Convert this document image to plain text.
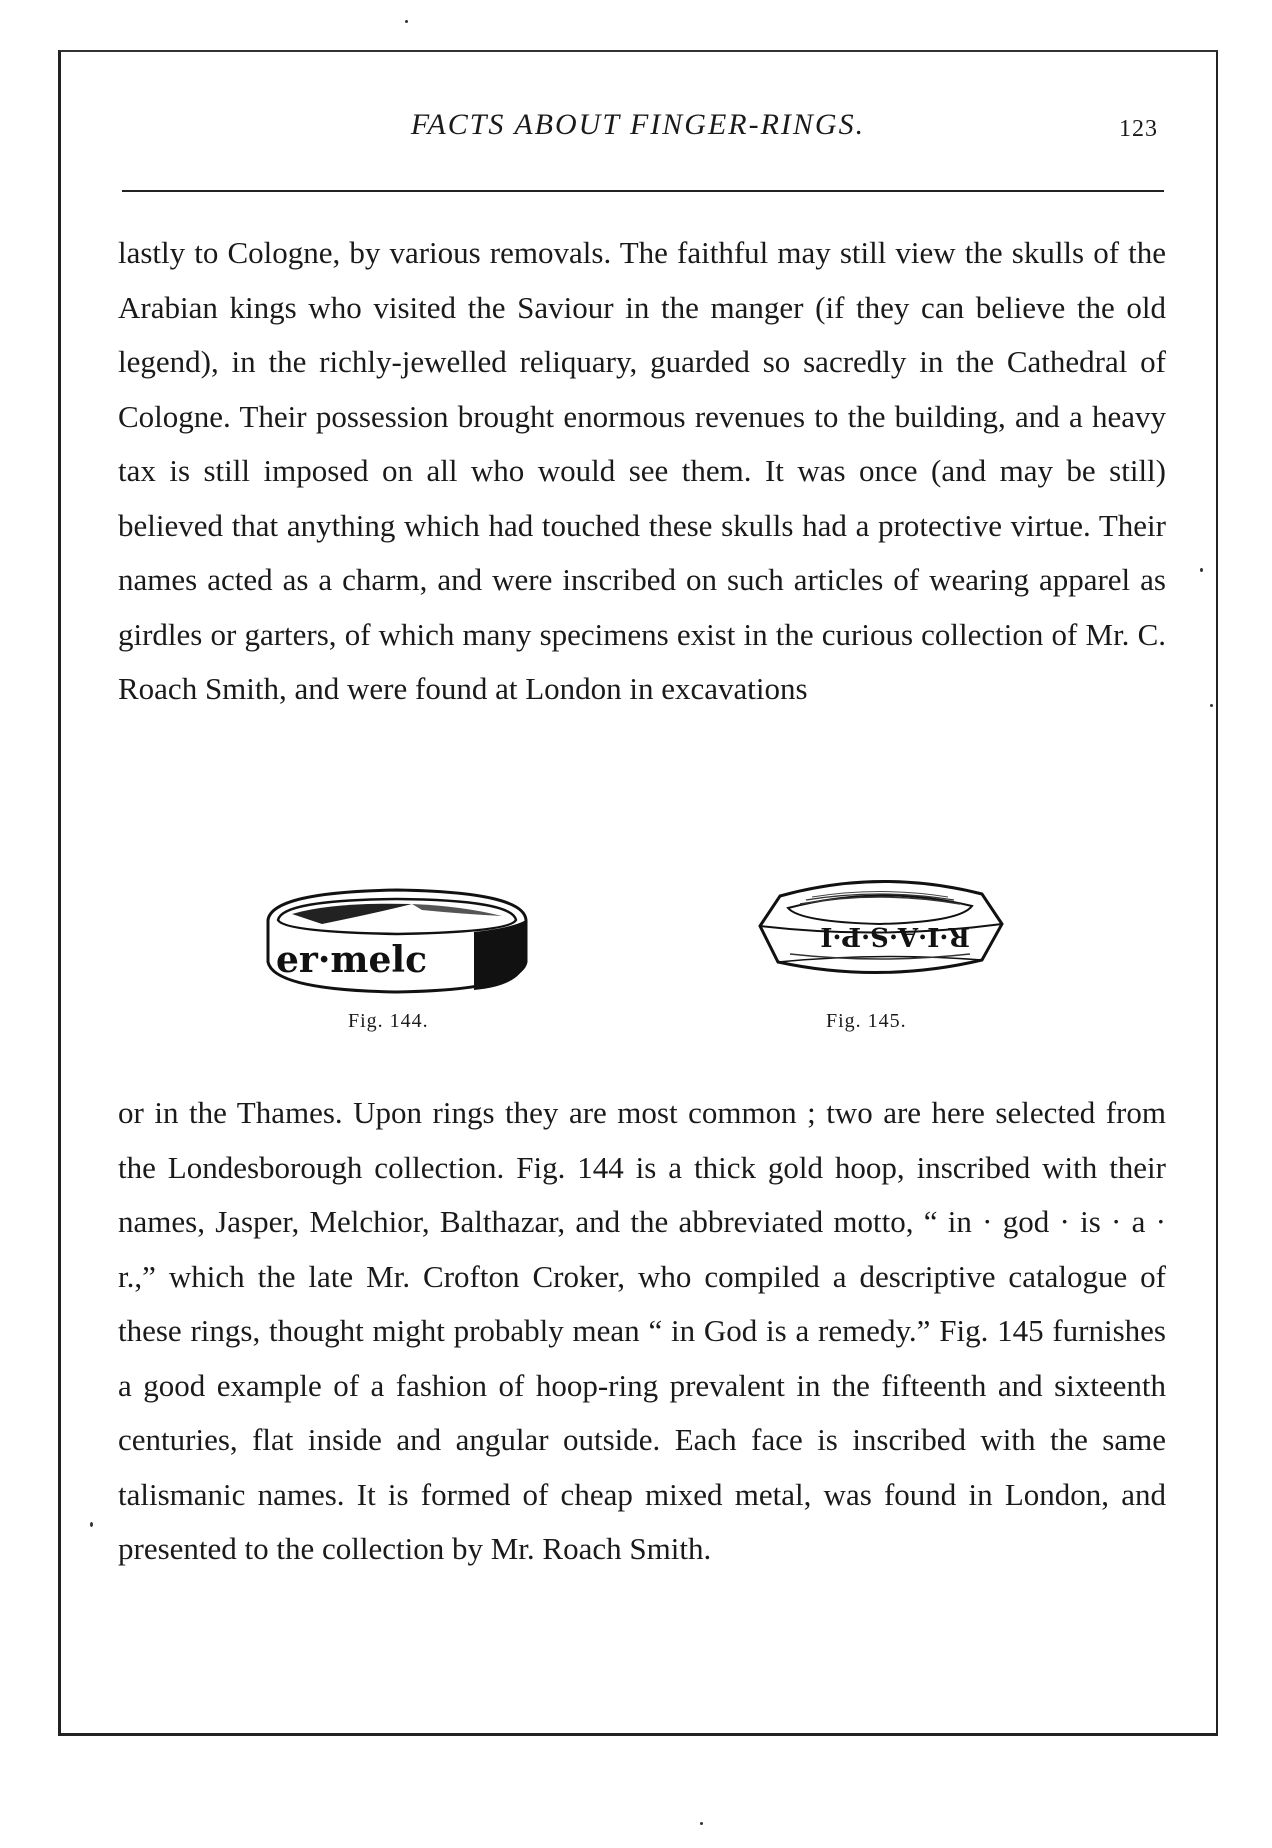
FACTS ABOUT FINGER-RINGS.	123

lastly to Cologne, by various removals. The faithful may still view the skulls of the Arabian kings who visited the Saviour in the manger (if they can believe the old legend), in the richly-jewelled reliquary, guarded so sacredly in the Cathedral of Cologne. Their possession brought enormous revenues to the building, and a heavy tax is still imposed on all who would see them. It was once (and may be still) believed that anything which had touched these skulls had a protective virtue. Their names acted as a charm, and were inscribed on such articles of wearing apparel as girdles or garters, of which many specimens exist in the curious collection of Mr. C. Roach Smith, and were found at London in excavations

er·melc
Fig. 144.
R·I·A·S·P·I
Fig. 145.

or in the Thames. Upon rings they are most common ; two are here selected from the Londesborough collection. Fig. 144 is a thick gold hoop, inscribed with their names, Jasper, Melchior, Balthazar, and the abbreviated motto, “ in · god · is · a · r.,” which the late Mr. Crofton Croker, who compiled a descriptive catalogue of these rings, thought might probably mean “ in God is a remedy.” Fig. 145 furnishes a good example of a fashion of hoop-ring prevalent in the fifteenth and sixteenth centuries, flat inside and angular outside. Each face is inscribed with the same talismanic names. It is formed of cheap mixed metal, was found in London, and presented to the collection by Mr. Roach Smith.
